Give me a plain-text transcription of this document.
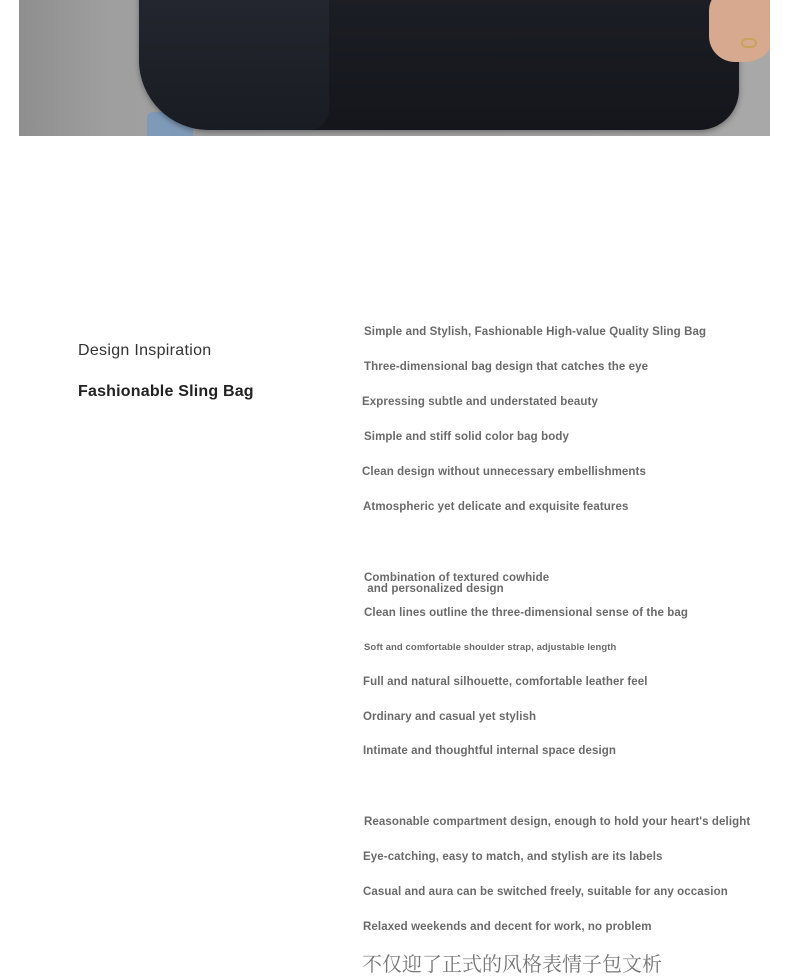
Design Inspiration
Fashionable Sling Bag
Simple and Stylish, Fashionable High-value Quality Sling Bag
Three-dimensional bag design that catches the eye
Expressing subtle and understated beauty
Simple and stiff solid color bag body
Clean design without unnecessary embellishments
Atmospheric yet delicate and exquisite features
Combination of textured cowhide
and personalized design
Clean lines outline the three-dimensional sense of the bag
Soft and comfortable shoulder strap, adjustable length
Full and natural silhouette, comfortable leather feel
Ordinary and casual yet stylish
Intimate and thoughtful internal space design
Reasonable compartment design, enough to hold your heart's delight
Eye-catching, easy to match, and stylish are its labels
Casual and aura can be switched freely, suitable for any occasion
Relaxed weekends and decent for work, no problem
不仅迎了正式的风格表情子包文析
